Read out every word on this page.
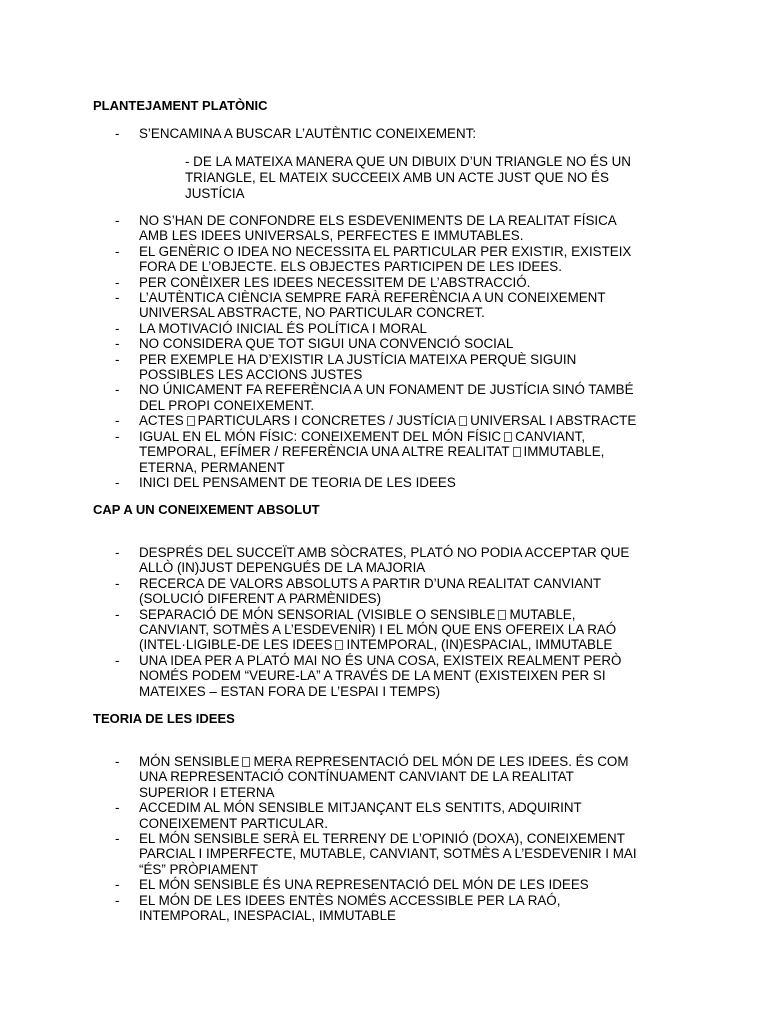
PLANTEJAMENT PLATÒNIC
- S’ENCAMINA A BUSCAR L’AUTÈNTIC CONEIXEMENT:

- DE LA MATEIXA MANERA QUE UN DIBUIX D’UN TRIANGLE NO ÉS UN
TRIANGLE, EL MATEIX SUCCEEIX AMB UN ACTE JUST QUE NO ÉS
JUSTÍCIA

- NO S’HAN DE CONFONDRE ELS ESDEVENIMENTS DE LA REALITAT FÍSICA
AMB LES IDEES UNIVERSALS, PERFECTES E IMMUTABLES.
- EL GENÈRIC O IDEA NO NECESSITA EL PARTICULAR PER EXISTIR, EXISTEIX
FORA DE L’OBJECTE. ELS OBJECTES PARTICIPEN DE LES IDEES.
- PER CONÈIXER LES IDEES NECESSITEM DE L’ABSTRACCIÓ.
- L’AUTÈNTICA CIÈNCIA SEMPRE FARÀ REFERÈNCIA A UN CONEIXEMENT
UNIVERSAL ABSTRACTE, NO PARTICULAR CONCRET.
- LA MOTIVACIÓ INICIAL ÉS POLÍTICA I MORAL
- NO CONSIDERA QUE TOT SIGUI UNA CONVENCIÓ SOCIAL
- PER EXEMPLE HA D’EXISTIR LA JUSTÍCIA MATEIXA PERQUÈ SIGUIN
POSSIBLES LES ACCIONS JUSTES
- NO ÚNICAMENT FA REFERÈNCIA A UN FONAMENT DE JUSTÍCIA SINÓ TAMBÉ
DEL PROPI CONEIXEMENT.
- ACTES PARTICULARS I CONCRETES / JUSTÍCIA UNIVERSAL I ABSTRACTE
- IGUAL EN EL MÓN FÍSIC: CONEIXEMENT DEL MÓN FÍSIC CANVIANT,
TEMPORAL, EFÍMER / REFERÈNCIA UNA ALTRE REALITAT IMMUTABLE,
ETERNA, PERMANENT
- INICI DEL PENSAMENT DE TEORIA DE LES IDEES
CAP A UN CONEIXEMENT ABSOLUT
- DESPRÉS DEL SUCCEÏT AMB SÒCRATES, PLATÓ NO PODIA ACCEPTAR QUE
ALLÒ (IN)JUST DEPENGUÉS DE LA MAJORIA
- RECERCA DE VALORS ABSOLUTS A PARTIR D’UNA REALITAT CANVIANT
(SOLUCIÓ DIFERENT A PARMÈNIDES)
- SEPARACIÓ DE MÓN SENSORIAL (VISIBLE O SENSIBLE MUTABLE,
CANVIANT, SOTMÈS A L’ESDEVENIR) I EL MÓN QUE ENS OFEREIX LA RAÓ
(INTEL·LIGIBLE-DE LES IDEES INTEMPORAL, (IN)ESPACIAL, IMMUTABLE
- UNA IDEA PER A PLATÓ MAI NO ÉS UNA COSA, EXISTEIX REALMENT PERÒ
NOMÉS PODEM “VEURE-LA” A TRAVÉS DE LA MENT (EXISTEIXEN PER SI
MATEIXES – ESTAN FORA DE L’ESPAI I TEMPS)
TEORIA DE LES IDEES
- MÓN SENSIBLE MERA REPRESENTACIÓ DEL MÓN DE LES IDEES. ÉS COM
UNA REPRESENTACIÓ CONTÍNUAMENT CANVIANT DE LA REALITAT
SUPERIOR I ETERNA
- ACCEDIM AL MÓN SENSIBLE MITJANÇANT ELS SENTITS, ADQUIRINT
CONEIXEMENT PARTICULAR.
- EL MÓN SENSIBLE SERÀ EL TERRENY DE L’OPINIÓ (DOXA), CONEIXEMENT
PARCIAL I IMPERFECTE, MUTABLE, CANVIANT, SOTMÈS A L’ESDEVENIR I MAI
“ÉS” PRÒPIAMENT
- EL MÓN SENSIBLE ÉS UNA REPRESENTACIÓ DEL MÓN DE LES IDEES
- EL MÓN DE LES IDEES ENTÈS NOMÉS ACCESSIBLE PER LA RAÓ,
INTEMPORAL, INESPACIAL, IMMUTABLE
